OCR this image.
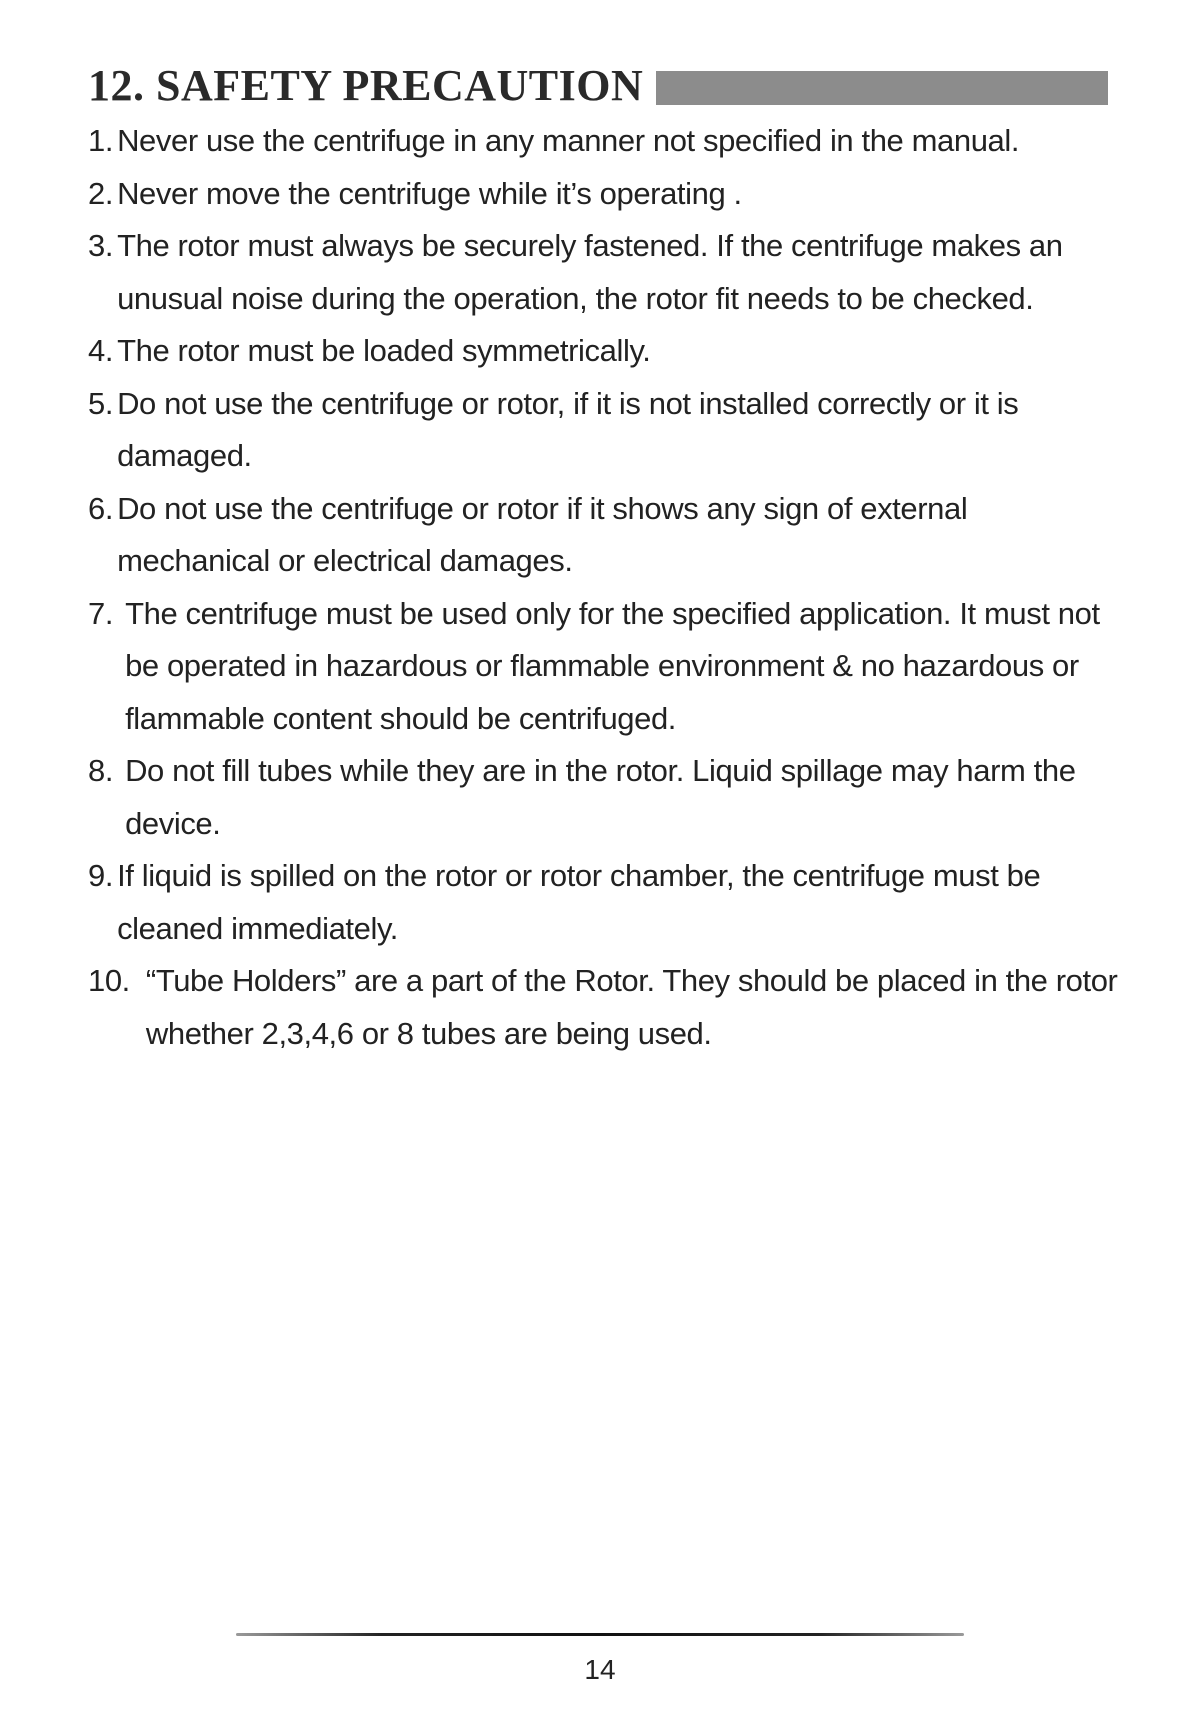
12. SAFETY PRECAUTION
1. Never use the centrifuge in any manner not specified in the manual.
2. Never move the centrifuge while it’s operating .
3. The rotor must always be securely fastened. If the centrifuge makes an unusual noise during the operation, the rotor fit needs to be checked.
4. The rotor must be loaded symmetrically.
5. Do not use the centrifuge or rotor, if it is not installed correctly or it is damaged.
6. Do not use the centrifuge or rotor if it shows any sign of external mechanical or electrical damages.
7. The centrifuge must be used only for the specified application. It must not be operated in hazardous or flammable environment & no hazardous or flammable content should be centrifuged.
8. Do not fill tubes while they are in the rotor. Liquid spillage may harm the device.
9. If liquid is spilled on the rotor or rotor chamber, the centrifuge must be cleaned immediately.
10. “Tube Holders” are a part of the Rotor. They should be placed in the rotor whether 2,3,4,6 or 8 tubes are being used.
14
